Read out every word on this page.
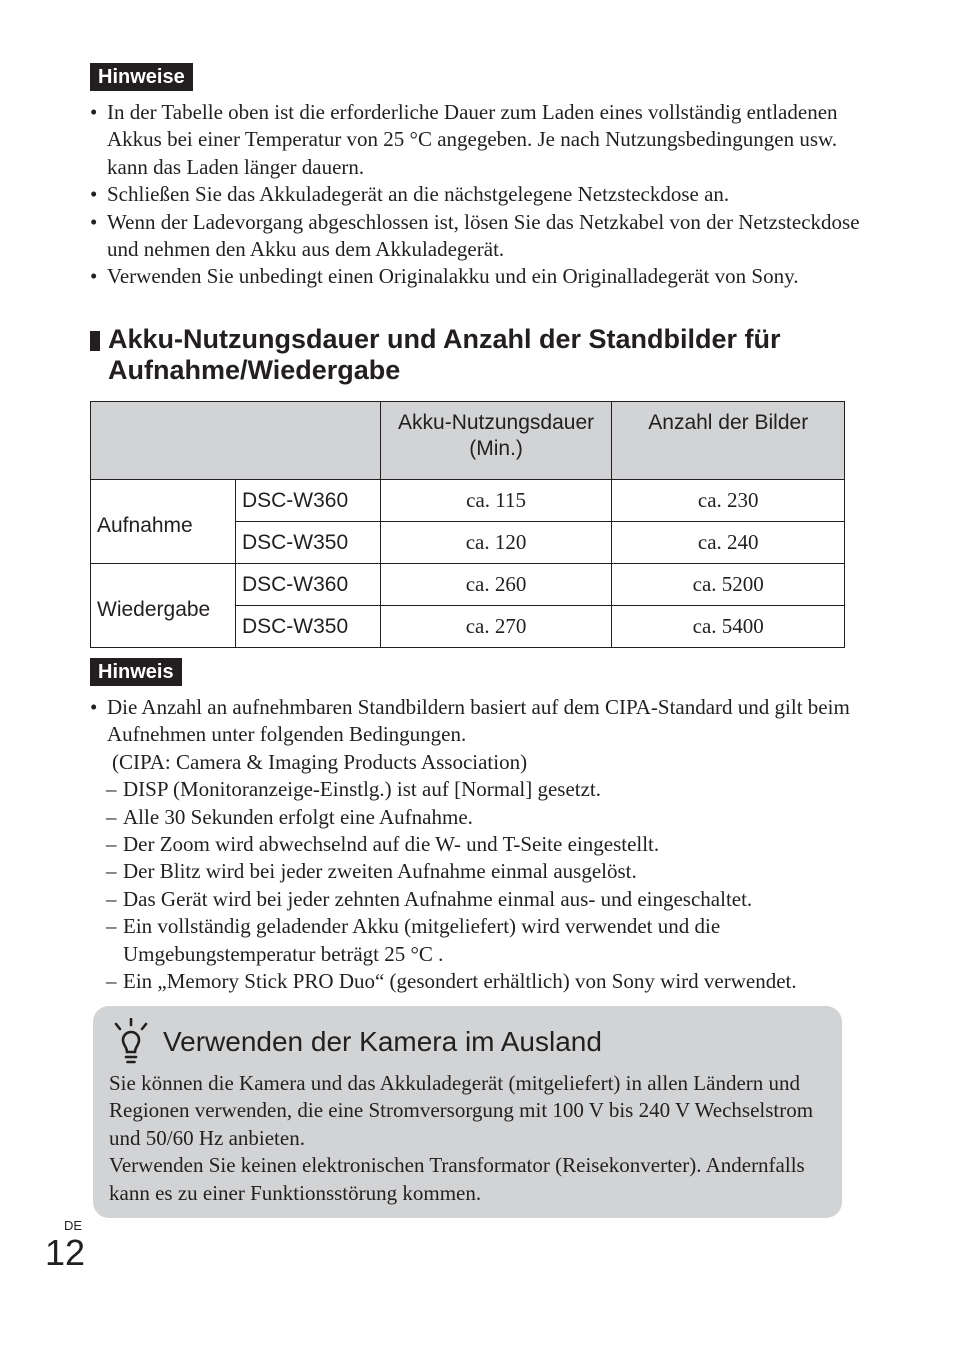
Hinweise
• In der Tabelle oben ist die erforderliche Dauer zum Laden eines vollständig entladenen Akkus bei einer Temperatur von 25 °C angegeben. Je nach Nutzungsbedingungen usw. kann das Laden länger dauern.
• Schließen Sie das Akkuladegerät an die nächstgelegene Netzsteckdose an.
• Wenn der Ladevorgang abgeschlossen ist, lösen Sie das Netzkabel von der Netzsteckdose und nehmen den Akku aus dem Akkuladegerät.
• Verwenden Sie unbedingt einen Originalakku und ein Originalladegerät von Sony.
Akku-Nutzungsdauer und Anzahl der Standbilder für Aufnahme/Wiedergabe
		Akku-Nutzungsdauer (Min.)	Anzahl der Bilder
Aufnahme	DSC-W360	ca. 115	ca. 230
	DSC-W350	ca. 120	ca. 240
Wiedergabe	DSC-W360	ca. 260	ca. 5200
	DSC-W350	ca. 270	ca. 5400
Hinweis
• Die Anzahl an aufnehmbaren Standbildern basiert auf dem CIPA-Standard und gilt beim Aufnehmen unter folgenden Bedingungen.
(CIPA: Camera & Imaging Products Association)
– DISP (Monitoranzeige-Einstlg.) ist auf [Normal] gesetzt.
– Alle 30 Sekunden erfolgt eine Aufnahme.
– Der Zoom wird abwechselnd auf die W- und T-Seite eingestellt.
– Der Blitz wird bei jeder zweiten Aufnahme einmal ausgelöst.
– Das Gerät wird bei jeder zehnten Aufnahme einmal aus- und eingeschaltet.
– Ein vollständig geladender Akku (mitgeliefert) wird verwendet und die Umgebungstemperatur beträgt 25 °C .
– Ein „Memory Stick PRO Duo“ (gesondert erhältlich) von Sony wird verwendet.
Verwenden der Kamera im Ausland
Sie können die Kamera und das Akkuladegerät (mitgeliefert) in allen Ländern und Regionen verwenden, die eine Stromversorgung mit 100 V bis 240 V Wechselstrom und 50/60 Hz anbieten.
Verwenden Sie keinen elektronischen Transformator (Reisekonverter). Andernfalls kann es zu einer Funktionsstörung kommen.
DE
12
